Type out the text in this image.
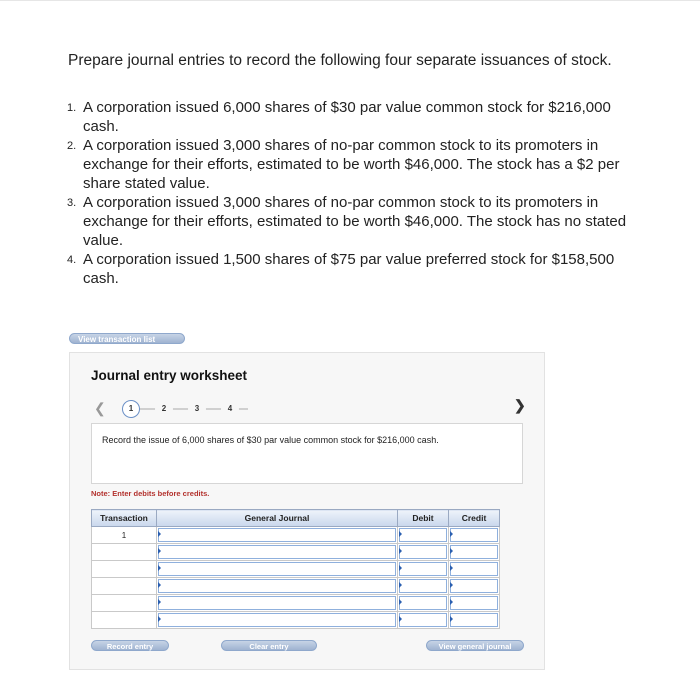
Prepare journal entries to record the following four separate issuances of stock.
1. A corporation issued 6,000 shares of $30 par value common stock for $216,000
cash.
2. A corporation issued 3,000 shares of no-par common stock to its promoters in
exchange for their efforts, estimated to be worth $46,000. The stock has a $2 per
share stated value.
3. A corporation issued 3,000 shares of no-par common stock to its promoters in
exchange for their efforts, estimated to be worth $46,000. The stock has no stated
value.
4. A corporation issued 1,500 shares of $75 par value preferred stock for $158,500
cash.
View transaction list
Journal entry worksheet
❮	1	2	3	4	❯
Record the issue of 6,000 shares of $30 par value common stock for $216,000 cash.
Note: Enter debits before credits.
Transaction	General Journal	Debit	Credit
1	

Record entry	Clear entry	View general journal
